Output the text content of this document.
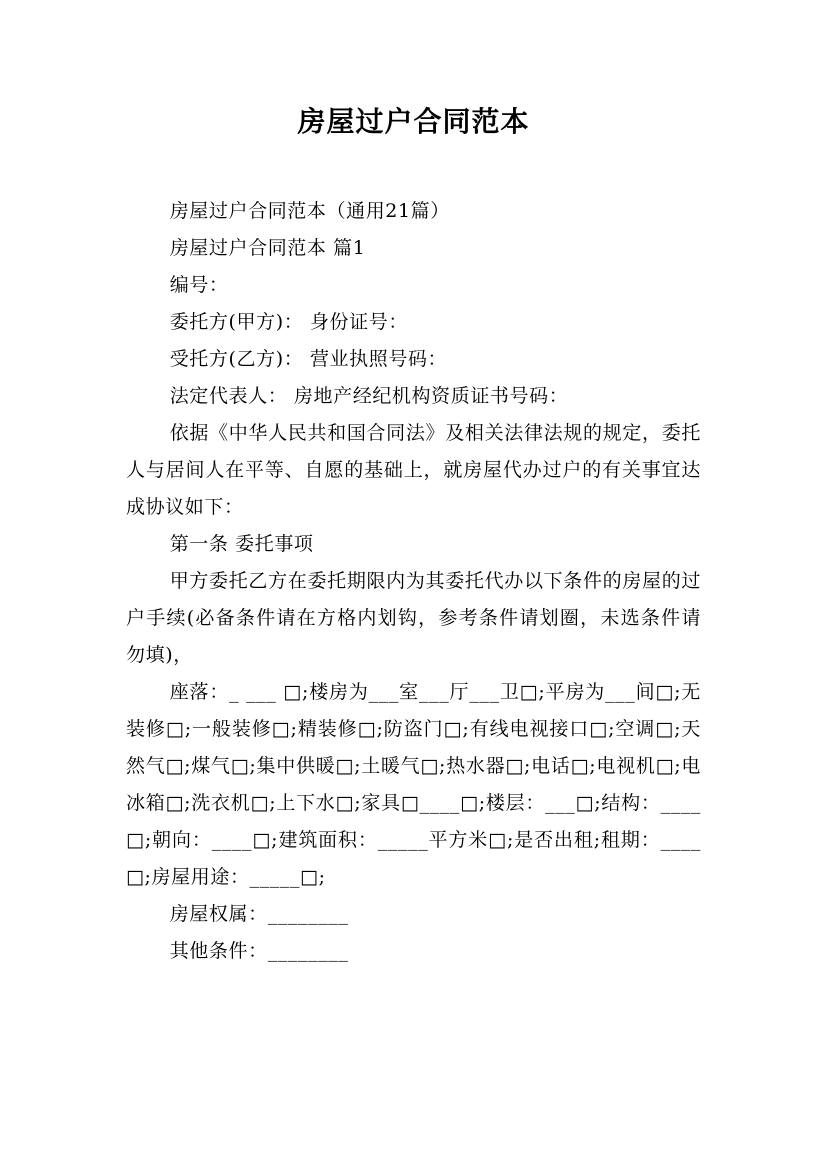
房屋过户合同范本

房屋过户合同范本（通用21篇）

房屋过户合同范本 篇1

编号：

委托方(甲方)： 身份证号：

受托方(乙方)： 营业执照号码：

法定代表人： 房地产经纪机构资质证书号码：

依据《中华人民共和国合同法》及相关法律法规的规定，委托人与居间人在平等、自愿的基础上，就房屋代办过户的有关事宜达成协议如下：

第一条 委托事项

甲方委托乙方在委托期限内为其委托代办以下条件的房屋的过户手续(必备条件请在方格内划钩，参考条件请划圈，未选条件请勿填)，

座落：_ ___ □;楼房为___室___厅___卫□;平房为___间□;无装修□;一般装修□;精装修□;防盗门□;有线电视接口□;空调□;天然气□;煤气□;集中供暖□;土暖气□;热水器□;电话□;电视机□;电冰箱□;洗衣机□;上下水□;家具□____□;楼层：___□;结构：____□;朝向：____□;建筑面积：_____平方米□;是否出租;租期：____□;房屋用途：_____□;

房屋权属：________

其他条件：________
